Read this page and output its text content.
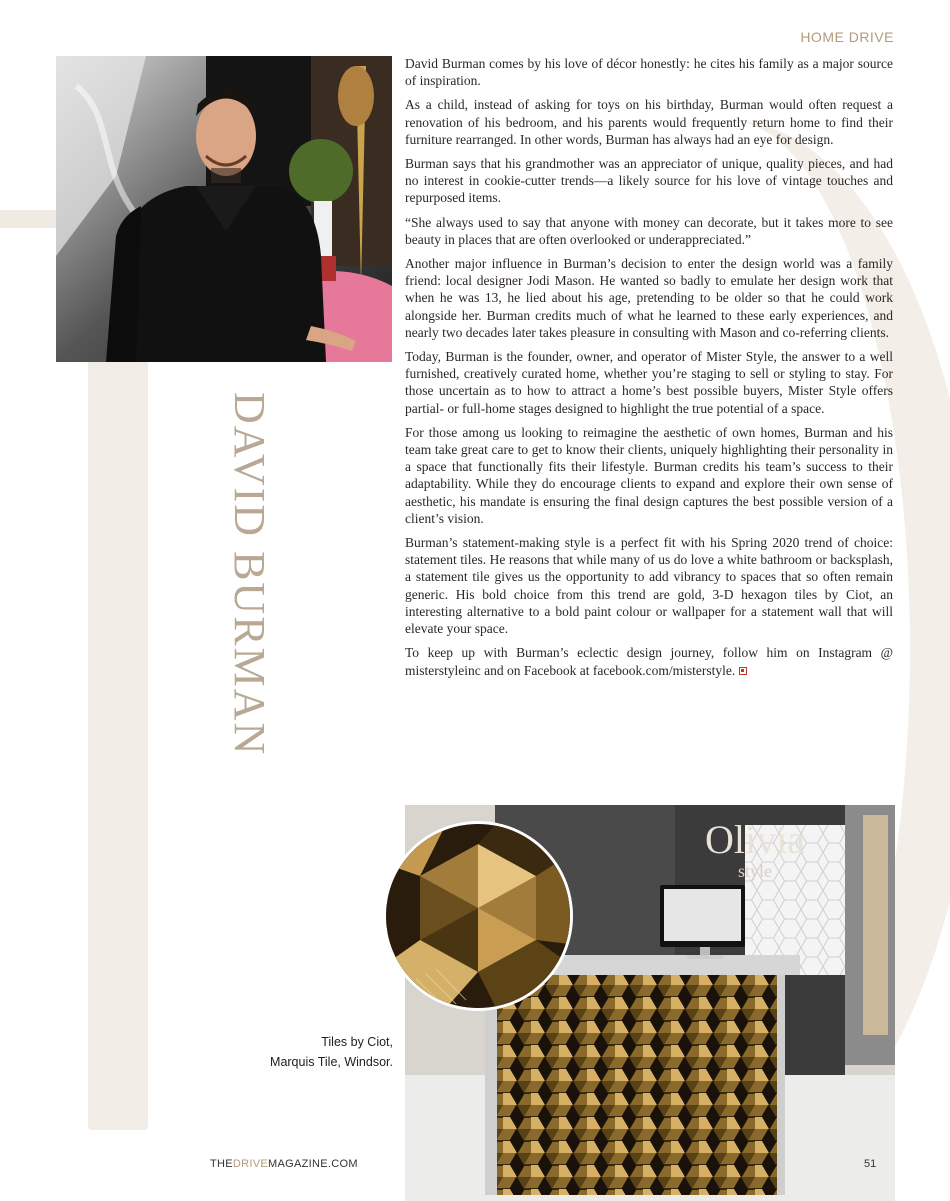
HOME DRIVE
DAVID BURMAN

David Burman comes by his love of décor honestly: he cites his family as a major source of inspiration.

As a child, instead of asking for toys on his birthday, Burman would often request a renovation of his bedroom, and his parents would frequently return home to find their furniture rearranged. In other words, Burman has always had an eye for design.

Burman says that his grandmother was an appreciator of unique, quality pieces, and had no interest in cookie-cutter trends—a likely source for his love of vintage touches and repurposed items.

“She always used to say that anyone with money can decorate, but it takes more to see beauty in places that are often overlooked or underappreciated.”

Another major influence in Burman’s decision to enter the design world was a family friend: local designer Jodi Mason. He wanted so badly to emulate her design work that when he was 13, he lied about his age, pretending to be older so that he could work alongside her. Burman credits much of what he learned to these early experiences, and nearly two decades later takes pleasure in consulting with Mason and co-referring clients.

Today, Burman is the founder, owner, and operator of Mister Style, the answer to a well furnished, creatively curated home, whether you’re staging to sell or styling to stay. For those uncertain as to how to attract a home’s best possible buyers, Mister Style offers partial- or full-home stages designed to highlight the true potential of a space.

For those among us looking to reimagine the aesthetic of own homes, Burman and his team take great care to get to know their clients, uniquely highlighting their personality in a space that functionally fits their lifestyle. Burman credits his team’s success to their adaptability. While they do encourage clients to expand and explore their own sense of aesthetic, his mandate is ensuring the final design captures the best possible version of a client’s vision.

Burman’s statement-making style is a perfect fit with his Spring 2020 trend of choice: statement tiles. He reasons that while many of us do love a white bathroom or backsplash, a statement tile gives us the opportunity to add vibrancy to spaces that so often remain generic. His bold choice from this trend are gold, 3-D hexagon tiles by Ciot, an interesting alternative to a bold paint colour or wallpaper for a statement wall that will elevate your space.

To keep up with Burman’s eclectic design journey, follow him on Instagram @ misterstyleinc and on Facebook at facebook.com/misterstyle.

Olivia
style
Tiles by Ciot,
Marquis Tile, Windsor.
THEDRIVEMAGAZINE.COM	51
